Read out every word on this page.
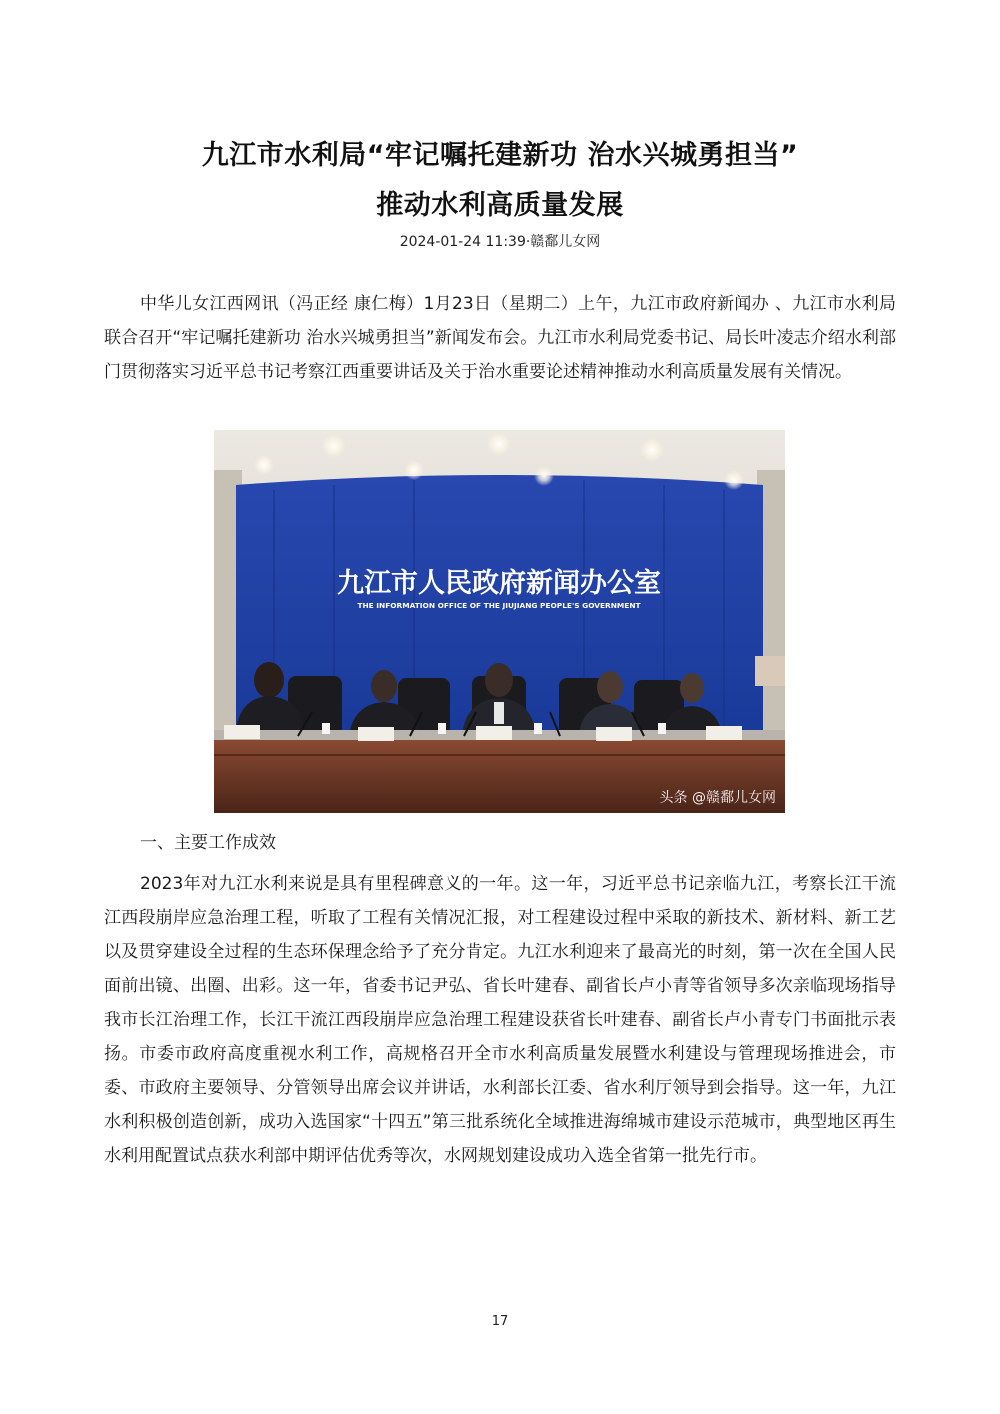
九江市水利局“牢记嘱托建新功 治水兴城勇担当”
推动水利高质量发展
2024-01-24 11:39·赣鄱儿女网

中华儿女江西网讯（冯正经 康仁梅）1月23日（星期二）上午，九江市政府新闻办 、九江市水利局联合召开“牢记嘱托建新功 治水兴城勇担当”新闻发布会。九江市水利局党委书记、局长叶凌志介绍水利部门贯彻落实习近平总书记考察江西重要讲话及关于治水重要论述精神推动水利高质量发展有关情况。

九江市人民政府新闻办公室
THE INFORMATION OFFICE OF THE JIUJIANG PEOPLE'S GOVERNMENT
头条 @赣鄱儿女网
一、主要工作成效

2023年对九江水利来说是具有里程碑意义的一年。这一年，习近平总书记亲临九江，考察长江干流江西段崩岸应急治理工程，听取了工程有关情况汇报，对工程建设过程中采取的新技术、新材料、新工艺以及贯穿建设全过程的生态环保理念给予了充分肯定。九江水利迎来了最高光的时刻，第一次在全国人民面前出镜、出圈、出彩。这一年，省委书记尹弘、省长叶建春、副省长卢小青等省领导多次亲临现场指导我市长江治理工作，长江干流江西段崩岸应急治理工程建设获省长叶建春、副省长卢小青专门书面批示表扬。市委市政府高度重视水利工作，高规格召开全市水利高质量发展暨水利建设与管理现场推进会，市委、市政府主要领导、分管领导出席会议并讲话，水利部长江委、省水利厅领导到会指导。这一年，九江水利积极创造创新，成功入选国家“十四五”第三批系统化全域推进海绵城市建设示范城市，典型地区再生水利用配置试点获水利部中期评估优秀等次，水网规划建设成功入选全省第一批先行市。

17
